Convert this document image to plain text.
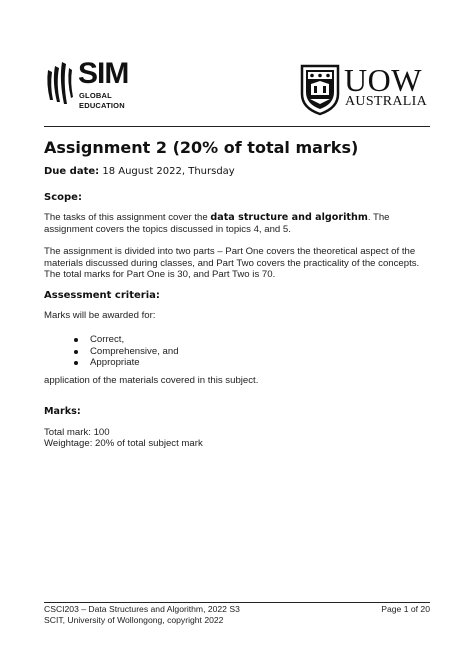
SIM
GLOBAL
EDUCATION
UOW
AUSTRALIA
Assignment 2 (20% of total marks)
Due date: 18 August 2022, Thursday
Scope:
The tasks of this assignment cover the data structure and algorithm. The assignment covers the topics discussed in topics 4, and 5.
The assignment is divided into two parts – Part One covers the theoretical aspect of the materials discussed during classes, and Part Two covers the practicality of the concepts. The total marks for Part One is 30, and Part Two is 70.
Assessment criteria:
Marks will be awarded for:
Correct,
Comprehensive, and
Appropriate
application of the materials covered in this subject.
Marks:
Total mark: 100
Weightage: 20% of total subject mark
CSCI203 – Data Structures and Algorithm, 2022 S3
SCIT, University of Wollongong, copyright 2022
Page 1 of 20
